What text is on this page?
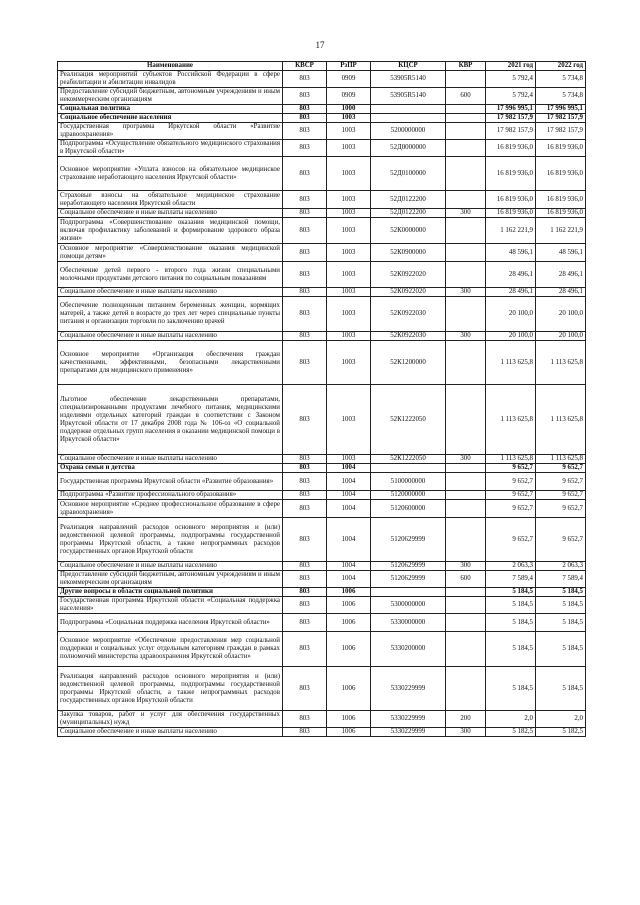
17
Наименование	КВСР	РзПР	КЦСР	КВР	2021 год	2022 год
Реализация мероприятий субъектов Российской Федерации в сфере реабилитации и абилитации инвалидов	803	0909	53905R5140		5 792,4	5 734,8
Предоставление субсидий бюджетным, автономным учреждениям и иным некоммерческим организациям	803	0909	53905R5140	600	5 792,4	5 734,8
Социальная политика	803	1000			17 996 995,1	17 996 995,1
Социальное обеспечение населения	803	1003			17 982 157,9	17 982 157,9
Государственная программа Иркутской области «Развитие здравоохранения»	803	1003	5200000000		17 982 157,9	17 982 157,9
Подпрограмма «Осуществление обязательного медицинского страхования в Иркутской области»	803	1003	52Д0000000		16 819 936,0	16 819 936,0
Основное мероприятие «Уплата взносов на обязательное медицинское страхование неработающего населения Иркутской области»	803	1003	52Д0100000		16 819 936,0	16 819 936,0
Страховые взносы на обязательное медицинское страхование неработающего населения Иркутской области	803	1003	52Д0122200		16 819 936,0	16 819 936,0
Социальное обеспечение и иные выплаты населению	803	1003	52Д0122200	300	16 819 936,0	16 819 936,0
Подпрограмма «Совершенствование оказания медицинской помощи, включая профилактику заболеваний и формирование здорового образа жизни»	803	1003	52К0000000		1 162 221,9	1 162 221,9
Основное мероприятие «Совершенствование оказания медицинской помощи детям»	803	1003	52К0900000		48 596,1	48 596,1
Обеспечение детей первого - второго года жизни специальными молочными продуктами детского питания по социальным показаниям	803	1003	52К0922020		28 496,1	28 496,1
Социальное обеспечение и иные выплаты населению	803	1003	52К0922020	300	28 496,1	28 496,1
Обеспечение полноценным питанием беременных женщин, кормящих матерей, а также детей в возрасте до трех лет через специальные пункты питания и организации торговли по заключению врачей	803	1003	52К0922030		20 100,0	20 100,0
Социальное обеспечение и иные выплаты населению	803	1003	52К0922030	300	20 100,0	20 100,0
Основное мероприятие «Организация обеспечения граждан качественными, эффективными, безопасными лекарственными препаратами для медицинского применения»	803	1003	52К1200000		1 113 625,8	1 113 625,8
Льготное обеспечение лекарственными препаратами, специализированными продуктами лечебного питания, медицинскими изделиями отдельных категорий граждан в соответствии с Законом Иркутской области от 17 декабря 2008 года № 106-оз «О социальной поддержке отдельных групп населения в оказании медицинской помощи в Иркутской области»	803	1003	52К1222050		1 113 625,8	1 113 625,8
Социальное обеспечение и иные выплаты населению	803	1003	52К1222050	300	1 113 625,8	1 113 625,8
Охрана семьи и детства	803	1004			9 652,7	9 652,7
Государственная программа Иркутской области «Развитие образования»	803	1004	5100000000		9 652,7	9 652,7
Подпрограмма «Развитие профессионального образования»	803	1004	5120000000		9 652,7	9 652,7
Основное мероприятие «Среднее профессиональное образование в сфере здравоохранения»	803	1004	5120600000		9 652,7	9 652,7
Реализация направлений расходов основного мероприятия и (или) ведомственной целевой программы, подпрограммы государственной программы Иркутской области, а также непрограммных расходов государственных органов Иркутской области	803	1004	5120629999		9 652,7	9 652,7
Социальное обеспечение и иные выплаты населению	803	1004	5120629999	300	2 063,3	2 063,3
Предоставление субсидий бюджетным, автономным учреждениям и иным некоммерческим организациям	803	1004	5120629999	600	7 589,4	7 589,4
Другие вопросы в области социальной политики	803	1006			5 184,5	5 184,5
Государственная программа Иркутской области «Социальная поддержка населения»	803	1006	5300000000		5 184,5	5 184,5
Подпрограмма «Социальная поддержка населения Иркутской области»	803	1006	5330000000		5 184,5	5 184,5
Основное мероприятие «Обеспечение предоставления мер социальной поддержки и социальных услуг отдельным категориям граждан в рамках полномочий министерства здравоохранения Иркутской области»	803	1006	5330200000		5 184,5	5 184,5
Реализация направлений расходов основного мероприятия и (или) ведомственной целевой программы, подпрограммы государственной программы Иркутской области, а также непрограммных расходов государственных органов Иркутской области	803	1006	5330229999		5 184,5	5 184,5
Закупка товаров, работ и услуг для обеспечения государственных (муниципальных) нужд	803	1006	5330229999	200	2,0	2,0
Социальное обеспечение и иные выплаты населению	803	1006	5330229999	300	5 182,5	5 182,5
